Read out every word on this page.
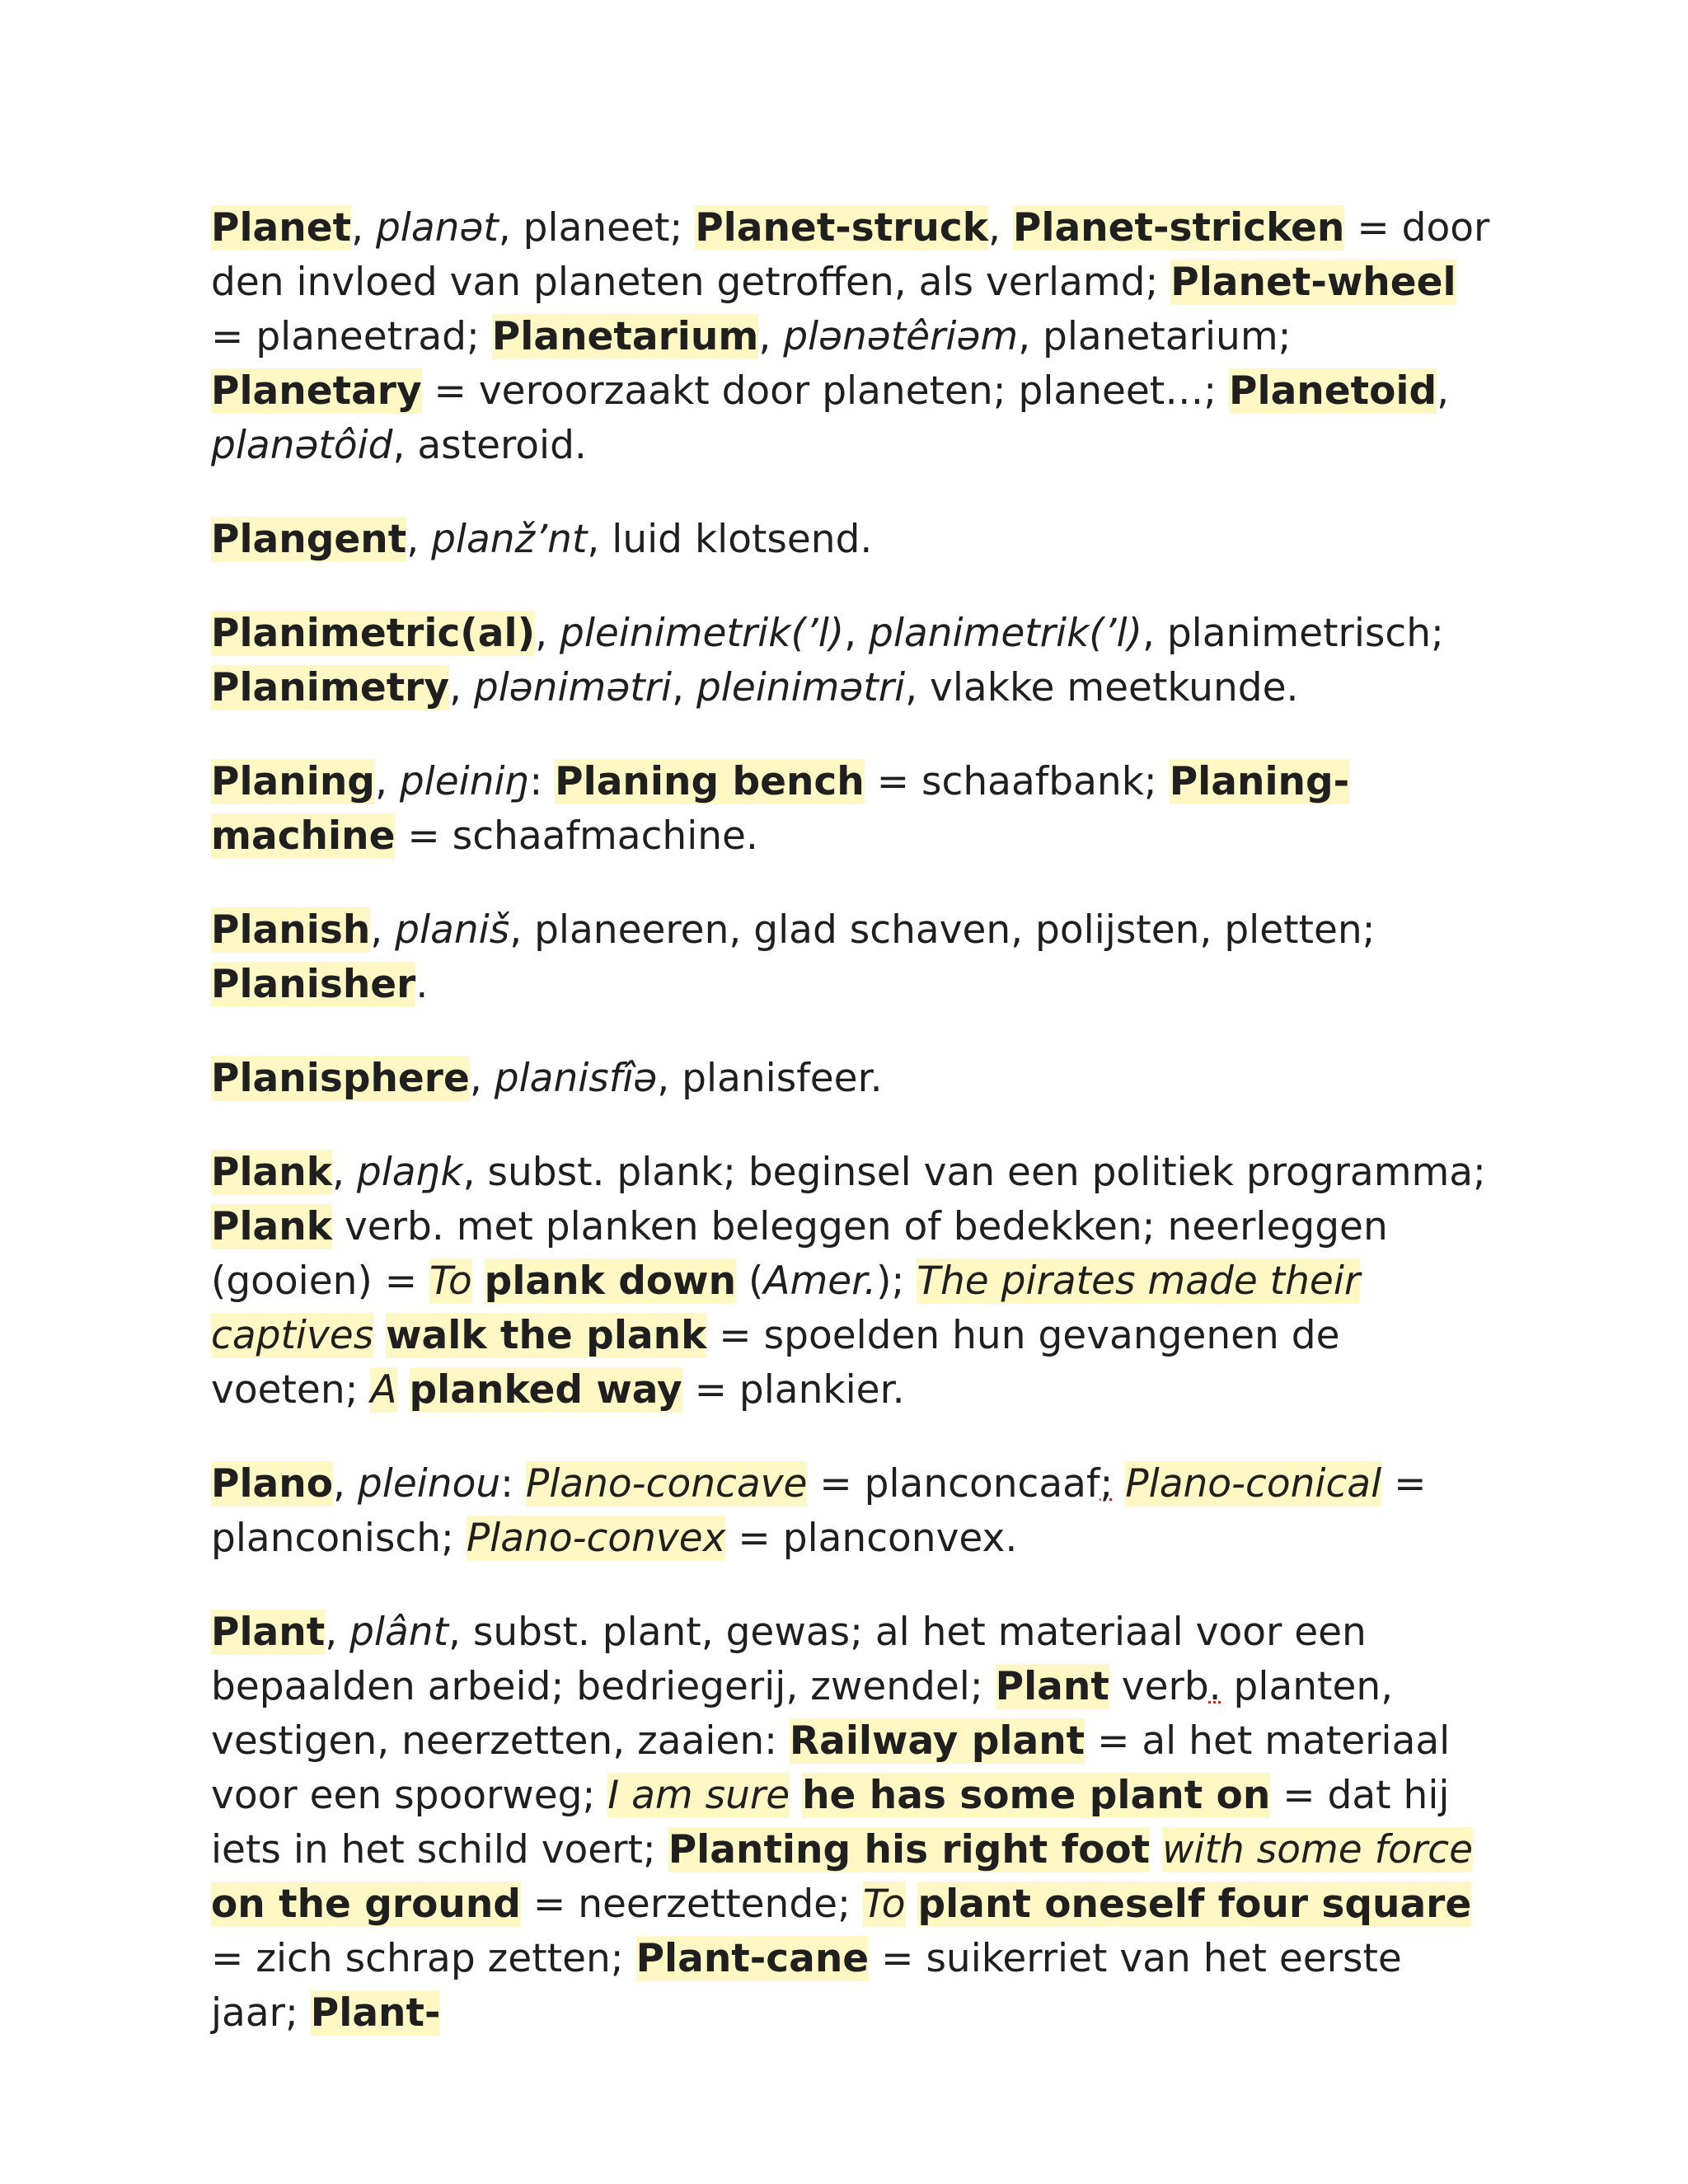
Planet, planət, planeet; Planet-struck, Planet-stricken = door den invloed van planeten getroffen, als verlamd; Planet-wheel = planeetrad; Planetarium, plənətêriəm, planetarium; Planetary = veroorzaakt door planeten; planeet…; Planetoid, planətôid, asteroid.

Plangent, planž’nt, luid klotsend.

Planimetric(al), pleinimetrik(’l), planimetrik(’l), planimetrisch; Planimetry, plənimətri, pleinimətri, vlakke meetkunde.

Planing, pleiniŋ: Planing bench = schaafbank; Planing-machine = schaafmachine.

Planish, planiš, planeeren, glad schaven, polijsten, pletten; Planisher.

Planisphere, planisfîə, planisfeer.

Plank, plaŋk, subst. plank; beginsel van een politiek programma; Plank verb. met planken beleggen of bedekken; neerleggen (gooien) = To plank down (Amer.); The pirates made their captives walk the plank = spoelden hun gevangenen de voeten; A planked way = plankier.

Plano, pleinou: Plano-concave = planconcaaf; Plano-conical = planconisch; Plano-convex = planconvex.

Plant, plânt, subst. plant, gewas; al het materiaal voor een bepaalden arbeid; bedriegerij, zwendel; Plant verb. planten, vestigen, neerzetten, zaaien: Railway plant = al het materiaal voor een spoorweg; I am sure he has some plant on = dat hij iets in het schild voert; Planting his right foot with some force on the ground = neerzettende; To plant oneself four square = zich schrap zetten; Plant-cane = suikerriet van het eerste jaar; Plant-
